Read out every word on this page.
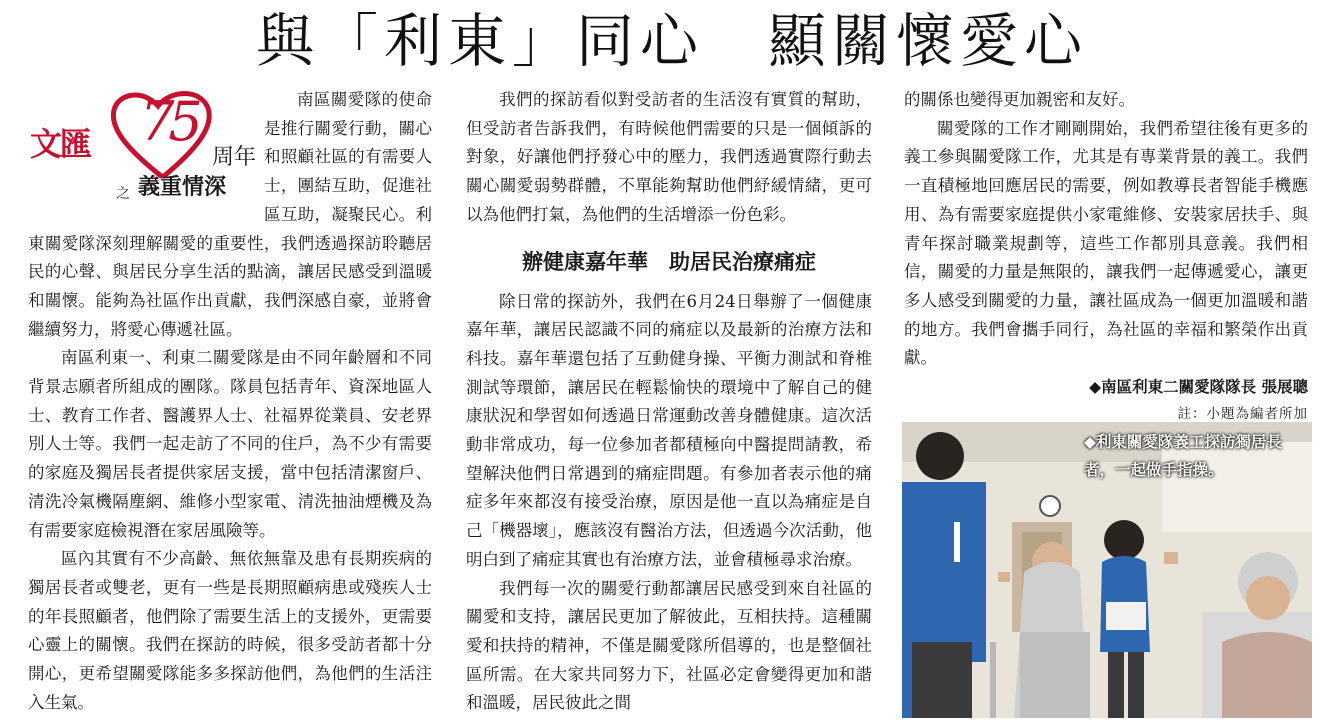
與「利東」同心　顯關懷愛心
文匯 75
周年
之 義重情深

南區關愛隊的使命是推行關愛行動，關心和照顧社區的有需要人士，團結互助，促進社區互助，凝聚民心。利東關愛隊深刻理解關愛的重要性，我們透過探訪聆聽居民的心聲、與居民分享生活的點滴，讓居民感受到溫暖和關懷。能夠為社區作出貢獻，我們深感自豪，並將會繼續努力，將愛心傳遞社區。

南區利東一、利東二關愛隊是由不同年齡層和不同背景志願者所組成的團隊。隊員包括青年、資深地區人士、教育工作者、醫護界人士、社福界從業員、安老界別人士等。我們一起走訪了不同的住戶，為不少有需要的家庭及獨居長者提供家居支援，當中包括清潔窗戶、清洗冷氣機隔塵網、維修小型家電、清洗抽油煙機及為有需要家庭檢視潛在家居風險等。

區內其實有不少高齡、無依無靠及患有長期疾病的獨居長者或雙老，更有一些是長期照顧病患或殘疾人士的年長照顧者，他們除了需要生活上的支援外，更需要心靈上的關懷。我們在探訪的時候，很多受訪者都十分開心，更希望關愛隊能多多探訪他們，為他們的生活注入生氣。

我們的探訪看似對受訪者的生活沒有實質的幫助，但受訪者告訴我們，有時候他們需要的只是一個傾訴的對象，好讓他們抒發心中的壓力，我們透過實際行動去關心關愛弱勢群體，不單能夠幫助他們紓緩情緒，更可以為他們打氣，為他們的生活增添一份色彩。

辦健康嘉年華　助居民治療痛症

除日常的探訪外，我們在6月24日舉辦了一個健康嘉年華，讓居民認識不同的痛症以及最新的治療方法和科技。嘉年華還包括了互動健身操、平衡力測試和脊椎測試等環節，讓居民在輕鬆愉快的環境中了解自己的健康狀況和學習如何透過日常運動改善身體健康。這次活動非常成功，每一位參加者都積極向中醫提問請教，希望解決他們日常遇到的痛症問題。有參加者表示他的痛症多年來都沒有接受治療，原因是他一直以為痛症是自己「機器壞」，應該沒有醫治方法，但透過今次活動，他明白到了痛症其實也有治療方法，並會積極尋求治療。

我們每一次的關愛行動都讓居民感受到來自社區的關愛和支持，讓居民更加了解彼此，互相扶持。這種關愛和扶持的精神，不僅是關愛隊所倡導的，也是整個社區所需。在大家共同努力下，社區必定會變得更加和諧和溫暖，居民彼此之間

的關係也變得更加親密和友好。

關愛隊的工作才剛剛開始，我們希望往後有更多的義工參與關愛隊工作，尤其是有專業背景的義工。我們一直積極地回應居民的需要，例如教導長者智能手機應用、為有需要家庭提供小家電維修、安裝家居扶手、與青年探討職業規劃等，這些工作都別具意義。我們相信，關愛的力量是無限的，讓我們一起傳遞愛心，讓更多人感受到關愛的力量，讓社區成為一個更加溫暖和諧的地方。我們會攜手同行，為社區的幸福和繁榮作出貢獻。

◆南區利東二關愛隊隊長 張展聰
註：小題為編者所加
◆利東關愛隊義工探訪獨居長者，一起做手指操。
